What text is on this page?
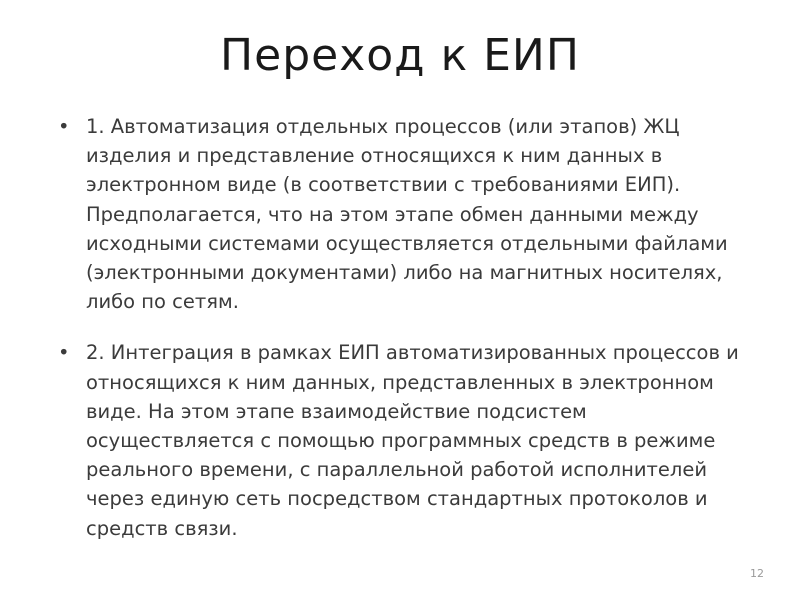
Переход к ЕИП
• 1. Автоматизация отдельных процессов (или этапов) ЖЦ изделия и представление относящихся к ним данных в электронном виде (в соответствии с требованиями ЕИП). Предполагается, что на этом этапе обмен данными между исходными системами осуществляется отдельными файлами (электронными документами) либо на магнитных носителях, либо по сетям.
• 2. Интеграция в рамках ЕИП автоматизированных процессов и относящихся к ним данных, представленных в электронном виде. На этом этапе взаимодействие подсистем осуществляется с помощью программных средств в режиме реального времени, с параллельной работой исполнителей через единую сеть посредством стандартных протоколов и средств связи.
12
